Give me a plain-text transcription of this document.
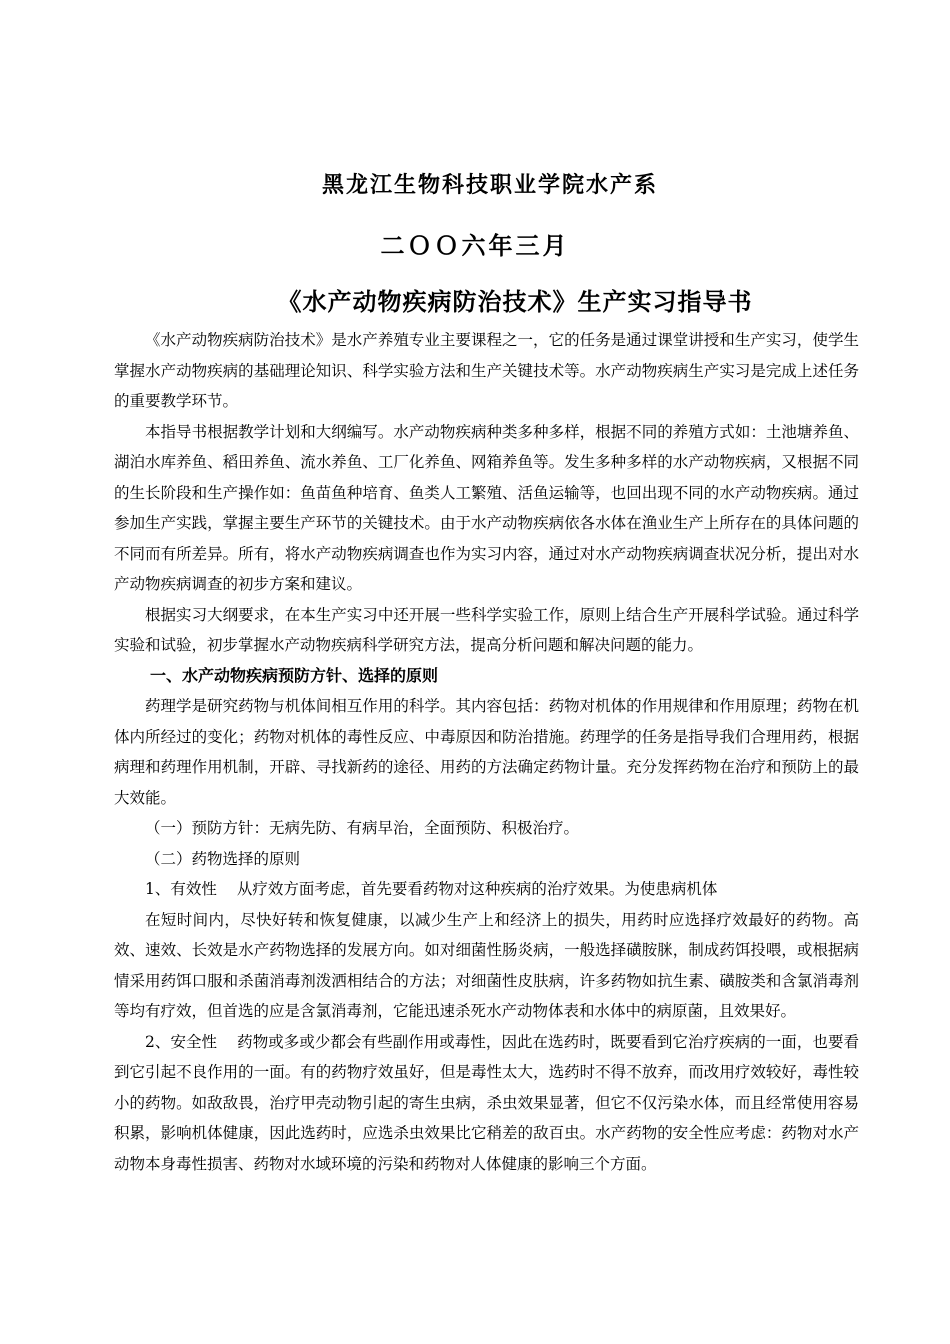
黑龙江生物科技职业学院水产系
二ＯＯ六年三月
《水产动物疾病防治技术》生产实习指导书

《水产动物疾病防治技术》是水产养殖专业主要课程之一，它的任务是通过课堂讲授和生产实习，使学生掌握水产动物疾病的基础理论知识、科学实验方法和生产关键技术等。水产动物疾病生产实习是完成上述任务的重要教学环节。

本指导书根据教学计划和大纲编写。水产动物疾病种类多种多样，根据不同的养殖方式如：土池塘养鱼、湖泊水库养鱼、稻田养鱼、流水养鱼、工厂化养鱼、网箱养鱼等。发生多种多样的水产动物疾病，又根据不同的生长阶段和生产操作如：鱼苗鱼种培育、鱼类人工繁殖、活鱼运输等，也回出现不同的水产动物疾病。通过参加生产实践，掌握主要生产环节的关键技术。由于水产动物疾病依各水体在渔业生产上所存在的具体问题的不同而有所差异。所有，将水产动物疾病调查也作为实习内容，通过对水产动物疾病调查状况分析，提出对水产动物疾病调查的初步方案和建议。

根据实习大纲要求，在本生产实习中还开展一些科学实验工作，原则上结合生产开展科学试验。通过科学实验和试验，初步掌握水产动物疾病科学研究方法，提高分析问题和解决问题的能力。

一、水产动物疾病预防方针、选择的原则

药理学是研究药物与机体间相互作用的科学。其内容包括：药物对机体的作用规律和作用原理；药物在机体内所经过的变化；药物对机体的毒性反应、中毒原因和防治措施。药理学的任务是指导我们合理用药，根据病理和药理作用机制，开辟、寻找新药的途径、用药的方法确定药物计量。充分发挥药物在治疗和预防上的最大效能。

（一）预防方针：无病先防、有病早治，全面预防、积极治疗。

（二）药物选择的原则

1、有效性 从疗效方面考虑，首先要看药物对这种疾病的治疗效果。为使患病机体

在短时间内，尽快好转和恢复健康，以减少生产上和经济上的损失，用药时应选择疗效最好的药物。高效、速效、长效是水产药物选择的发展方向。如对细菌性肠炎病，一般选择磺胺脒，制成药饵投喂，或根据病情采用药饵口服和杀菌消毒剂泼洒相结合的方法；对细菌性皮肤病，许多药物如抗生素、磺胺类和含氯消毒剂等均有疗效，但首选的应是含氯消毒剂，它能迅速杀死水产动物体表和水体中的病原菌，且效果好。

2、安全性 药物或多或少都会有些副作用或毒性，因此在选药时，既要看到它治疗疾病的一面，也要看到它引起不良作用的一面。有的药物疗效虽好，但是毒性太大，选药时不得不放弃，而改用疗效较好，毒性较小的药物。如敌敌畏，治疗甲壳动物引起的寄生虫病，杀虫效果显著，但它不仅污染水体，而且经常使用容易积累，影响机体健康，因此选药时，应选杀虫效果比它稍差的敌百虫。水产药物的安全性应考虑：药物对水产动物本身毒性损害、药物对水域环境的污染和药物对人体健康的影响三个方面。
